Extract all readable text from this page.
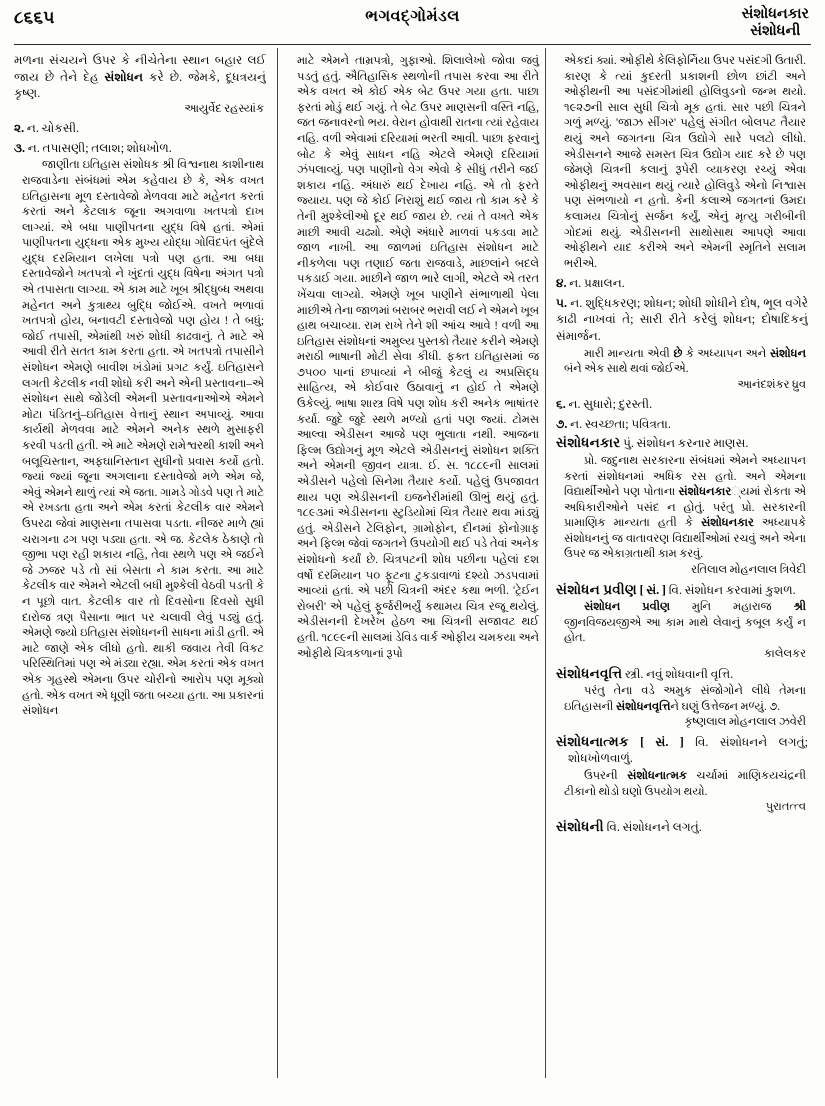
૮૬૬૫	ભગવદ્ગોમંડલ	સંશોધનકાર
સંશોધની

મળના સંચયને ઉપર કે નીચેતેના સ્થાન બહાર લઈ જાય છે તેને દેહ સંશોધન કરે છે. જેમકે, દૂધત્રયનું કૃષ્ણ.

આયુર્વેદ રહસ્યાંક

૨. ન. ચોકસી.

૩. ન. તપાસણી; તલાશ; શોધખોળ.

જાણીતા ઇતિહાસ સંશોધક શ્રી વિશ્વનાથ કાશીનાથ રાજવાડેના સંબંધમાં એમ કહેવાય છે કે, એક વખત ઇતિહાસના મૂળ દસ્તાવેજો મેળવવા માટે મહેનત કરતાં કરતાં અને કેટલાક જૂના અગવાળા ખતપત્રો દાખ લાગ્યાં. એ બધા પાણીપતના યુદ્ધ વિષે હતાં. એમાં પાણીપતના યુદ્ધના એક મુખ્ય યોદ્ધા ગોવિંદપંત બુંદેલે યુદ્ધ દરમિયાન લખેલા પત્રો પણ હતા. આ બધા દસ્તાવેજોને ખતપત્રો ને ખુંદતાં યુદ્ધ વિષેના અંગત પત્રો એ તપાસતા લાગ્યા. એ કામ માટે ખૂબ શ્રીદ્ધુબ્ધ અથવા મહેનત અને કુત્રાથ્ય બુદ્ધિ જોઈએ. વખતે ભળાવાં ખતપત્રો હોય, બનાવટી દસ્તાવેજો પણ હોય ! તે બધું; જોઈ તપાસી, એમાંથી ખરું શોધી કાઢવાનું. તે માટે એ આવી રીતે સતત કામ કરતા હતા. એ ખતપત્રો તપાસીને સંશોધન એમણે બાવીશ ખંડોમાં પ્રગટ કર્યું. ઇતિહાસને લગતી કેટલીક નવી શોધો કરી અને એની પ્રસ્તાવના–એ સંશોધન સાથે જોડેલી એમની પ્રસ્તાવનાઓએ એમને મોટા પંડિતનું–ઇતિહાસ વેત્તાનું સ્થાન અપાવ્યું. આવા કાર્યથી મેળવવા માટે એમને અનેક સ્થળે મુસાફરી કરવી પડતી હતી. એ માટે એમણે રામેશ્વરથી કાશી અને બલૂચિસ્તાન, અફઘાનિસ્તાન સુધીનો પ્રવાસ કર્યો હતો. જ્યાં જ્યાં જૂના અગલાના દસ્તાવેજો મળે એમ જે, એવું એમને થાળું ત્યાં એ જતા. ગામડે ગોડવે પણ તે માટે એ રખડતા હતા અને એમ કરતાં કેટલીક વાર એમને ઉપરઢા જેવાં માણસના તપાસવા પડતા. નીજર માળે હ્યાં ચરાગના ઢગ પણ પડ્યા હતા. એ જ. કેટલેક ઠેકાણે તો જીભા પણ રહી શકાય નહિ, તેવા સ્થળે પણ એ જઈને જે ઝજર પડે તો સાં બેસતા ને કામ કરતા. આ માટે કેટલીક વાર એમને એટલી બધી મુશ્કેલી વેઠવી પડતી કે ન પૂછો વાત. કેટલીક વાર તો દિવસોના દિવસો સુધી દારોજ ત્રણ પૈસાના ભાત પર ચલાવી લેવું પડ્યું હતું. એમણે જ્યો ઇતિહાસ સંશોધનની સાધના માંડી હતી. એ માટે જાણે એક લીધો હતો. થાકી જવાય તેવી વિકટ પરિસ્થિતિમાં પણ એ મંડ્યા રહ્યા. એમ કરતાં એક વખત એક ગૃહસ્થે એમના ઉપર ચોરીનો આરોપ પણ મૂક્યો હતો. એક વખત એ ધૂણી જતા બચ્યા હતા. આ પ્રકારનાં સંશોધન

માટે એમને તામ્રપત્રો, ગુફાઓ. શિલાલેખો જોવા જવું પડતું હતું. ઐતિહાસિક સ્થળોની તપાસ કરવા આ રીતે એક વખત એ કોઈ એક બેટ ઉપર ગયા હતા. પાછા ફરતાં મોડું થઈ ગયું. તે બેટ ઉપર માણસની વસ્તિ નહિ, જત જનાવરનો ભય. વેરાન હોવાથી રાતના ત્યાં રહેવાય નહિ. વળી એવામાં દરિયામાં ભરતી આવી. પાછા ફરવાનું બોટ કે એવું સાધન નહિ એટલે એમણે દરિયામાં ઝંપલાવ્યું. પણ પાણીનો વેગ એવો કે સીધું તરીને જઈ શકાય નહિ. અંધારું થઈ દેખાય નહિ. એ તો ફરતે જ્યાય. પણ જે કોઈ નિરાશું થઈ જાય તો કામ કરે કે તેની મુશ્કેલીઓ દૂર થઈ જાય છે. ત્યાં તે વખતે એક માછી આવી ચઢ્યો. એણે અંધારે માળવાં પકડવા માટે જાળ નાખી. આ જાળમાં ઇતિહાસ સંશોધન માટે નીકળેલા પણ તણાઈ જતા રાજવાડે, માછલાંને બદલે પકડાઈ ગયા. માછીને જાળ ભારે લાગી, એટલે એ તરત ખેંચવા લાગ્યો. એમણે ખૂબ પાણીને સંભાળાથી પેલા માછીએ તેના જાળમાં બરાબર ભરાવી લઈ ને એમને ખૂબ હાથ બચાવ્યા. રામ રાખે તેને શી આંચ આવે ! વળી આ ઇતિહાસ સંશોધનાં અમુલ્ય પુસ્તકો તૈયાર કરીને એમણે મરાઠી ભાષાની મોટી સેવા કીધી. ફક્ત ઇતિહાસમાં જ ૭૫૦૦ પાનાં છપાવ્યાં ને બીજું કેટલું ય અપ્રસિદ્ધ સાહિત્ય, એ કોઈવાર ઉઠાવાનું ન હોઈ તે એમણે ઉકેલ્યું. ભાષા શાસ્ત્ર વિષે પણ શોધ કરી અનેક ભાષાંતર કર્યા. જુદે જુદે સ્થળે મળ્યો હતાં પણ જ્યાં. ટોમસ આલ્વા એડીસન આજે પણ ભુલાતા નથી. આજના ફિલ્મ ઉદ્યોગનું મૂળ એટલે એડીસનનું સંશોધન શક્તિ અને એમની જીવન યાત્રા. ઈ. સ. ૧૮૮૯ની સાલમાં એડીસને પહેલો સિનેમા તૈયાર કર્યો. પહેલું ઉપજાવત થાય પણ એડીસનની ઇજનેરીમાંથી ઊભું થયું હતું. ૧૮૯૩માં એડીસનના સ્ટુડિયોમાં ચિત્ર તૈયાર થવા માંડ્યું હતું. એડીસને ટેલિફોન, ગ્રામોફોન, દીનમાં ફોનોગ્રાફ અને ફિલ્મ જેવાં જગતને ઉપયોગી થઈ પડે તેવાં અનેક સંશોધનો કર્યાં છે. ચિત્રપટની શોધ પછીના પહેલાં દશ વર્ષો દરમિયાન ૫૦ ફૂટના ટુકડાવાળાં દશ્યો ઝડપવામાં આવ્યાં હતાં. એ પછી ચિત્રની અંદર કથા ભળી. 'ટ્રેઈન રોબરી' એ પહેલું ફૂર્જરીભર્યું કથામય ચિત્ર રજૂ થયેલું. એડીસનની દેખરેખ હેઠળ આ ચિત્રની સજાવટ થઈ હતી. ૧૮૯૯ની સાલમાં ડેવિડ વાર્ક ઓફીય ચમકયા અને ઓફીથે ચિત્રકળાનાં રૂપો

એકદાં ક્યાં. ઓફીથે કેલિફોર્નિયા ઉપર પસંદગી ઉતારી. કારણ કે ત્યાં કુદરતી પ્રકાશની છોળ છાંટી અને ઓફીથની આ પસંદગીમાંથી હોલિવુડનો જન્મ થયો. ૧૯૨૭ની સાલ સુધી ચિત્રો મૂક હતાં. સાર પછી ચિત્રને ગળું મળ્યું. 'જાઝ સીંગર' પહેલું સંગીત બોલપટ તૈયાર થયું અને જગતના ચિત્ર ઉદ્યોગે સારે પલટો લીધો. એડીસનને આજે સમસ્ત ચિત્ર ઉદ્યોગ યાદ કરે છે પણ જેમણે ચિત્રની કલાનું રૂપેરી વ્યાકરણ રચ્યું એવા ઓફીથનું અવસાન થયું ત્યારે હોલિવુડે એનો નિશ્વાસ પણ સંભળાયો ન હતો. કેની કલાએ જગતનાં ઉમદા કલામય ચિત્રોનું સર્જન કર્યું, એનું મૃત્યુ ગરીબીની ગોદમાં થયું. એડીસનની સાથોસાથ આપણે આવા ઓફીથને યાદ કરીએ અને એમની સ્મૃતિને સલામ ભરીએ.

૪. ન. પ્રક્ષાલન.

૫. ન. શુદ્ધિકરણ; શોધન; શોધી શોધીને દોષ, ભૂલ વગેરે કાઢી નાખવાં તે; સારી રીતે કરેલું શોધન; દોષાદિકનું સંમાર્જન.

મારી માન્યતા એવી છે કે અધ્યાપન અને સંશોધન બંને એક સાથે થવાં જોઈએ.

આનંદશંકર ધ્રુવ

૬. ન. સુધારો; દુરસ્તી.

૭. ન. સ્વચ્છતા; પવિત્રતા.

સંશોધનકાર પું. સંશોધન કરનાર માણસ.

પ્રો. જદુનાથ સરકારના સંબંધમાં એમને અધ્યાપન કરતાં સંશોધનમાં અધિક રસ હતો. અને એમના વિદ્યાર્થીઓને પણ પોતાના સંશોધનકાર્યમાં રોકતા એ અધિકારીઓને પસંદ ન હોતું. પરંતુ પ્રો. સરકારની પ્રામાણિક માન્યતા હતી કે સંશોધનકાર અધ્યાપકે સંશોધનનું જ વાતાવરણ વિદ્યાર્થીઓમાં રચવું અને એના ઉપર જ એકાગ્રતાથી કામ કરવું.

રતિલાલ મોહનલાલ ત્રિવેદી

સંશોધન પ્રવીણ [ સં. ] વિ. સંશોધન કરવામાં કુશળ.

સંશોધન પ્રવીણ મુનિ મહારાજ શ્રી જીનવિજયજીએ આ કામ માથે લેવાનું કબૂલ કર્યું ન હોત.

કાલેલકર

સંશોધનવૃત્તિ સ્ત્રી. નવું શોધવાની વૃત્તિ.

પરંતુ તેના વડે અમુક સંજોગોને લીધે તેમના ઇતિહાસની સંશોધનવૃત્તિને ઘણું ઉત્તેજન મળ્યું. ૭.

કૃષ્ણલાલ મોહનલાલ ઝવેરી

સંશોધનાત્મક [ સં. ] વિ. સંશોધનને લગતું; શોધખોળવાળું.

ઉપરની સંશોધનાત્મક ચર્ચામાં માણિકયચંદ્રની ટીકાનો થોડો ઘણો ઉપયોગ થયો.

પુરાતત્ત્વ

સંશોધની વિ. સંશોધનને લગતું.
